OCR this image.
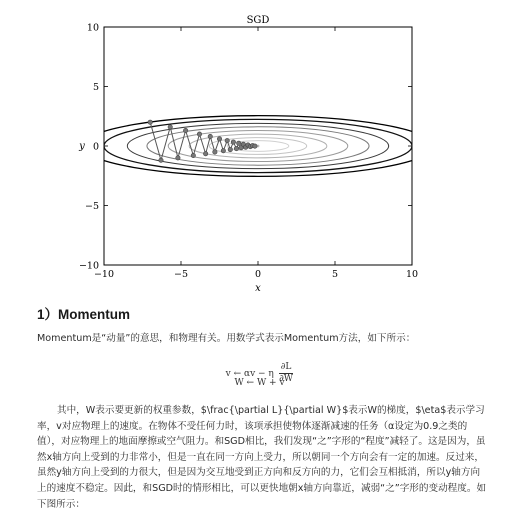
SGD
−10	−5	0	5	10
10
5
0
−5
−10
x
y
1）Momentum

Momentum是“动量”的意思，和物理有关。用数学式表示Momentum方法，如下所示：

v ← αv − η $\frac{\partial L}{\partial W}$
W ← W + v

其中，W表示要更新的权重参数，$\frac{\partial L}{\partial W}$表示W的梯度，$\eta$表示学习率，v对应物理上的速度。在物体不受任何力时，该项承担使物体逐渐减速的任务（α设定为0.9之类的值），对应物理上的地面摩擦或空气阻力。和SGD相比，我们发现“之”字形的“程度”减轻了。这是因为，虽然x轴方向上受到的力非常小，但是一直在同一方向上受力，所以朝同一个方向会有一定的加速。反过来，虽然y轴方向上受到的力很大，但是因为交互地受到正方向和反方向的力，它们会互相抵消，所以y轴方向上的速度不稳定。因此，和SGD时的情形相比，可以更快地朝x轴方向靠近，减弱“之”字形的变动程度。如下图所示：
